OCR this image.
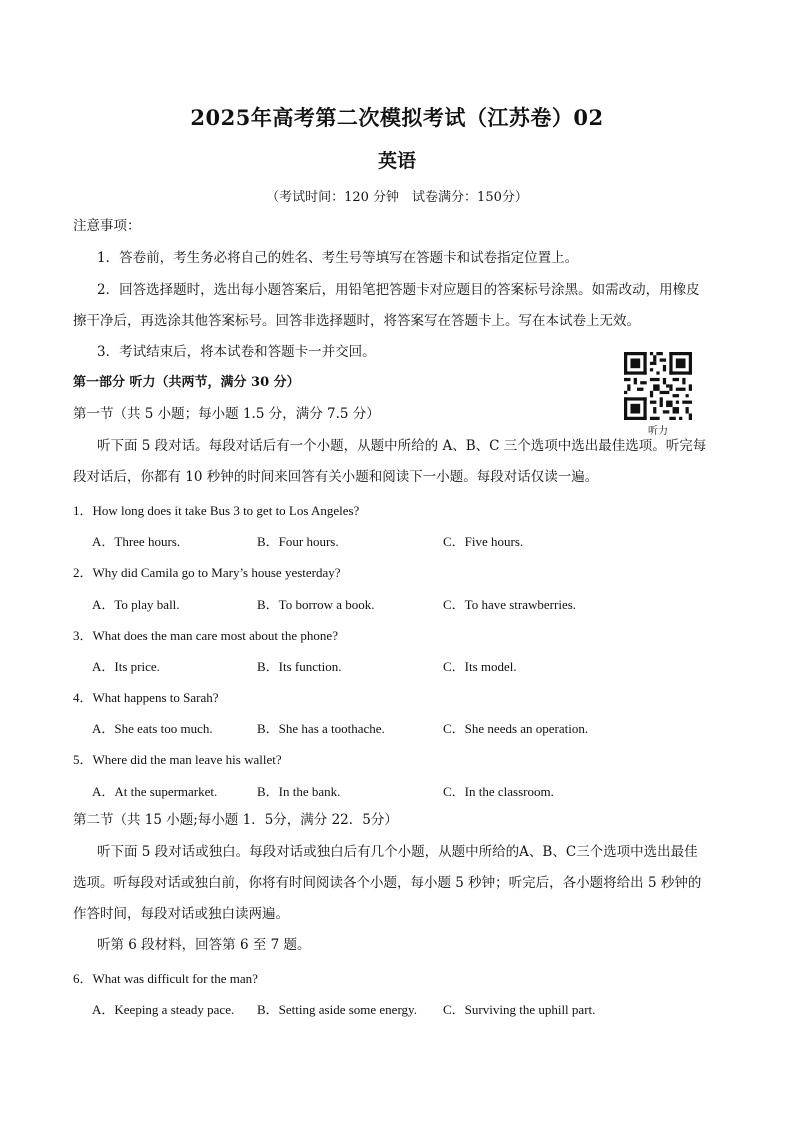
2025年高考第二次模拟考试（江苏卷）02
英语
（考试时间：120 分钟　试卷满分：150分）
注意事项：
1．答卷前，考生务必将自己的姓名、考生号等填写在答题卡和试卷指定位置上。
2．回答选择题时，选出每小题答案后，用铅笔把答题卡对应题目的答案标号涂黑。如需改动，用橡皮
擦干净后，再选涂其他答案标号。回答非选择题时，将答案写在答题卡上。写在本试卷上无效。
3．考试结束后，将本试卷和答题卡一并交回。
第一部分 听力（共两节，满分 30 分）
听力
第一节（共 5 小题；每小题 1.5 分，满分 7.5 分）
听下面 5 段对话。每段对话后有一个小题，从题中所给的 A、B、C 三个选项中选出最佳选项。听完每
段对话后，你都有 10 秒钟的时间来回答有关小题和阅读下一小题。每段对话仅读一遍。
1．How long does it take Bus 3 to get to Los Angeles?
A．Three hours.	B．Four hours.	C．Five hours.
2．Why did Camila go to Mary’s house yesterday?
A．To play ball.	B．To borrow a book.	C．To have strawberries.
3．What does the man care most about the phone?
A．Its price.	B．Its function.	C．Its model.
4．What happens to Sarah?
A．She eats too much.	B．She has a toothache.	C．She needs an operation.
5．Where did the man leave his wallet?
A．At the supermarket.	B．In the bank.	C．In the classroom.
第二节（共 15 小题;每小题 1．5分，满分 22．5分）
听下面 5 段对话或独白。每段对话或独白后有几个小题，从题中所给的A、B、C三个选项中选出最佳
选项。听每段对话或独白前，你将有时间阅读各个小题，每小题 5 秒钟；听完后，各小题将给出 5 秒钟的
作答时间，每段对话或独白读两遍。
听第 6 段材料，回答第 6 至 7 题。
6．What was difficult for the man?
A．Keeping a steady pace. B．Setting aside some energy. C．Surviving the uphill part.
